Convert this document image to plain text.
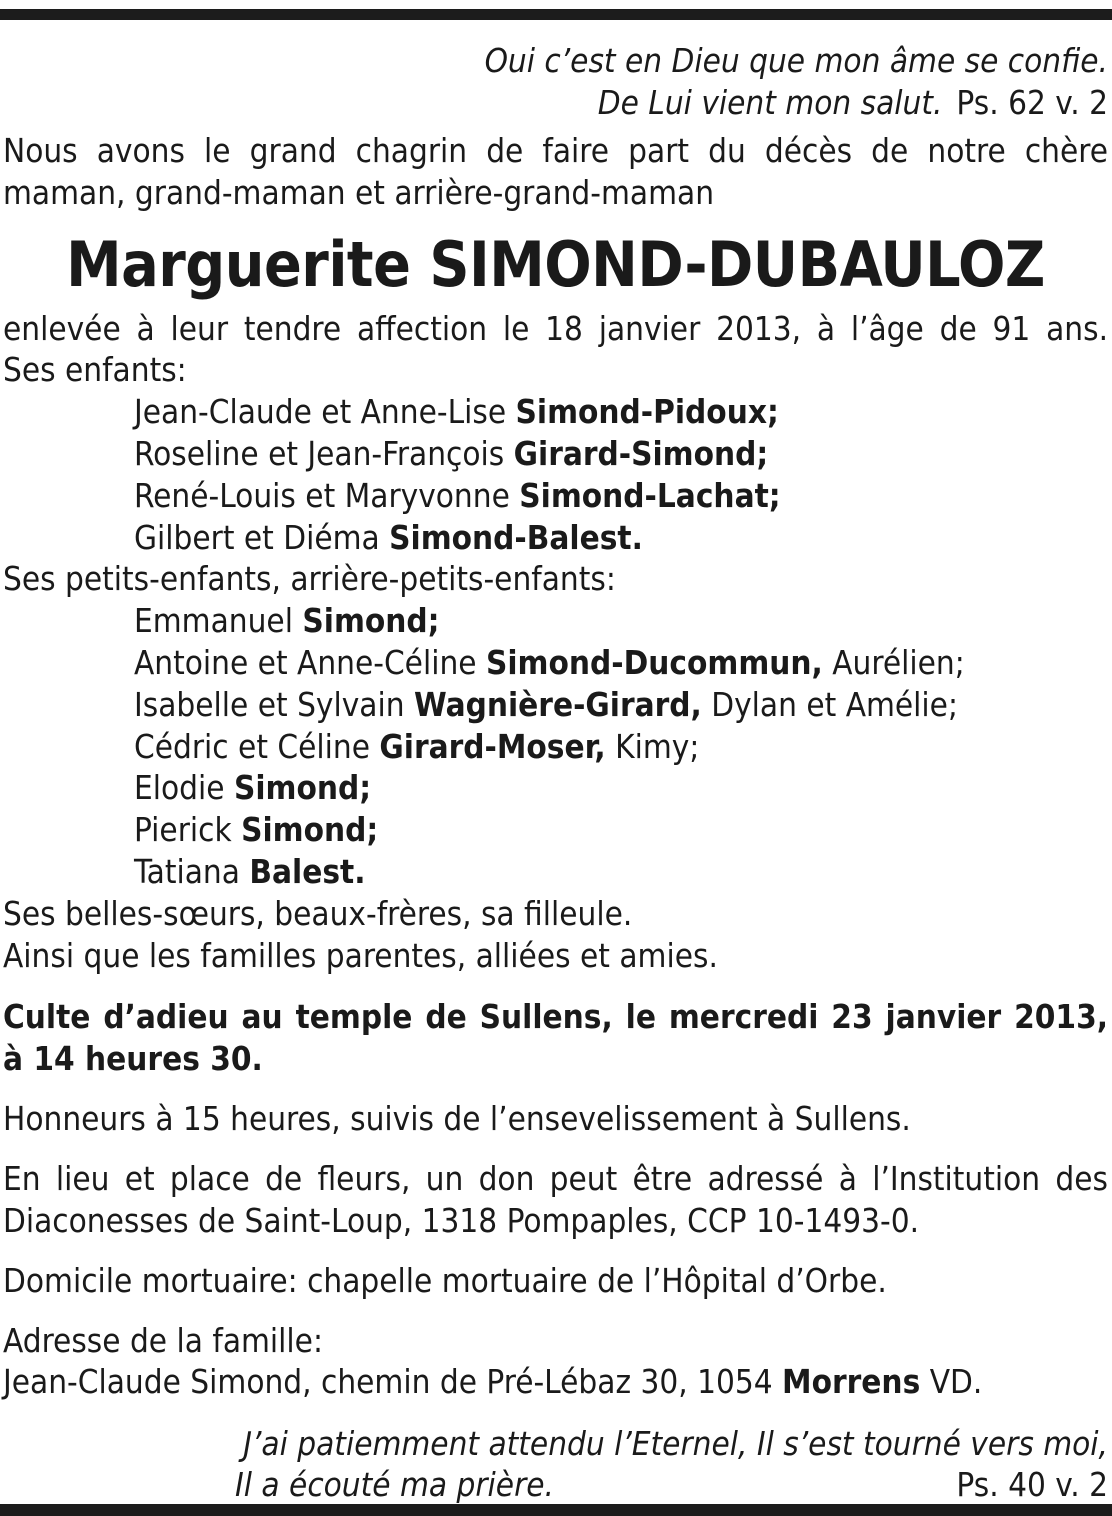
Oui c’est en Dieu que mon âme se confie.
De Lui vient mon salut. Ps. 62 v. 2

Nous avons le grand chagrin de faire part du décès de notre chère maman, grand-maman et arrière-grand-maman

Marguerite SIMOND-DUBAULOZ

enlevée à leur tendre affection le 18 janvier 2013, à l’âge de 91 ans.

Ses enfants:

Jean-Claude et Anne-Lise Simond-Pidoux;
Roseline et Jean-François Girard-Simond;
René-Louis et Maryvonne Simond-Lachat;
Gilbert et Diéma Simond-Balest.

Ses petits-enfants, arrière-petits-enfants:

Emmanuel Simond;
Antoine et Anne-Céline Simond-Ducommun, Aurélien;
Isabelle et Sylvain Wagnière-Girard, Dylan et Amélie;
Cédric et Céline Girard-Moser, Kimy;
Elodie Simond;
Pierick Simond;
Tatiana Balest.

Ses belles-sœurs, beaux-frères, sa filleule.

Ainsi que les familles parentes, alliées et amies.

Culte d’adieu au temple de Sullens, le mercredi 23 janvier 2013,
à 14 heures 30.

Honneurs à 15 heures, suivis de l’ensevelissement à Sullens.

En lieu et place de fleurs, un don peut être adressé à l’Institution des Diaconesses de Saint-Loup, 1318 Pompaples, CCP 10-1493-0.

Domicile mortuaire: chapelle mortuaire de l’Hôpital d’Orbe.

Adresse de la famille:

Jean-Claude Simond, chemin de Pré-Lébaz 30, 1054 Morrens VD.

J’ai patiemment attendu l’Eternel, Il s’est tourné vers moi,
Il a écouté ma prière.	Ps. 40 v. 2
